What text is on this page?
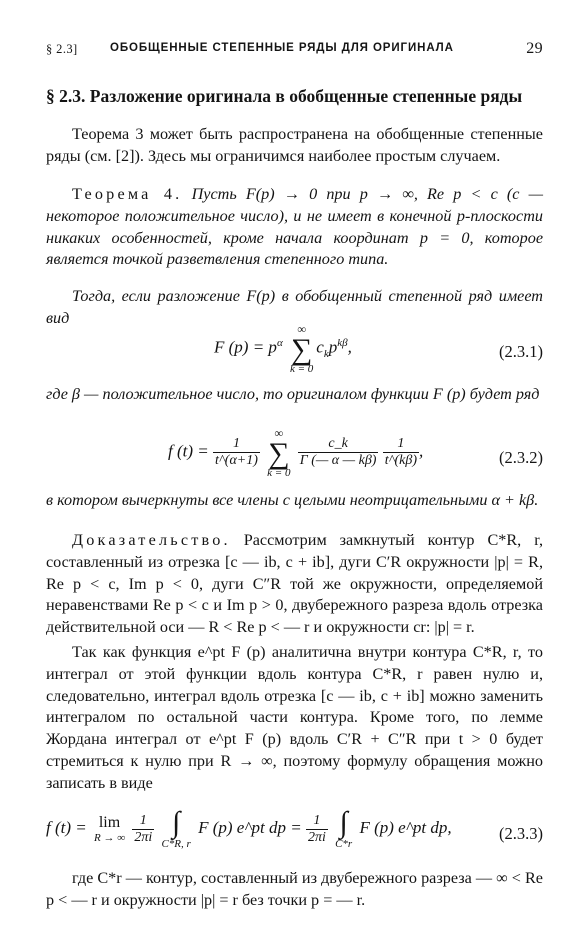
§ 2.3]	ОБОБЩЕННЫЕ СТЕПЕННЫЕ РЯДЫ ДЛЯ ОРИГИНАЛА	29
§ 2.3. Разложение оригинала в обобщенные степенные ряды
Теорема 3 может быть распространена на обобщенные степенные ряды (см. [2]). Здесь мы ограничимся наиболее простым случаем.
Теорема 4. Пусть F(p) → 0 при p → ∞, Re p < c (c — некоторое положительное число), и не имеет в конечной p-плоскости никаких особенностей, кроме начала координат p = 0, которое является точкой разветвления степенного типа.
Тогда, если разложение F(p) в обобщенный степенной ряд имеет вид
F $(p) = p^\alpha$
∞
∑
k = 0
$c_kp^{k\beta}$,	(2.3.1)
где β — положительное число, то оригиналом функции F (p) будет ряд
f $(t) = \frac{1}{t\^{}(\alpha+1)}$

∞
∑
k = 0

$\frac{c\_k}{\Gamma (— \alpha — k\beta)}$
$\frac{1}{t\^{}(k\beta)}$ ,	(2.3.2)
в котором вычеркнуты все члены с целыми неотрицательными α + kβ.
Доказательство. Рассмотрим замкнутый контур C*R, r, составленный из отрезка [c — ib, c + ib], дуги C′R окружности |p| = R, Re p < c, Im p < 0, дуги C″R той же окружности, определяемой неравенствами Re p < c и Im p > 0, двубережного разреза вдоль отрезка действительной оси — R < Re p < — r и окружности cr: |p| = r.
Так как функция e^pt F (p) аналитична внутри контура C*R, r, то интеграл от этой функции вдоль контура C*R, r равен нулю и, следовательно, интеграл вдоль отрезка [c — ib, c + ib] можно заменить интегралом по остальной части контура. Кроме того, по лемме Жордана интеграл от e^pt F (p) вдоль C′R + C″R при t > 0 будет стремиться к нулю при R → ∞, поэтому формулу обращения можно записать в виде
f (t) = lim
R → ∞
$\frac{1}{2\pi i}$
∫
C*R, r
F (p) e^pt dp = $\frac{1}{2\pi i}$
∫
C*r
F (p) e^pt dp,	(2.3.3)
где C*r — контур, составленный из двубережного разреза — ∞ < Re p < — r и окружности |p| = r без точки p = — r.
